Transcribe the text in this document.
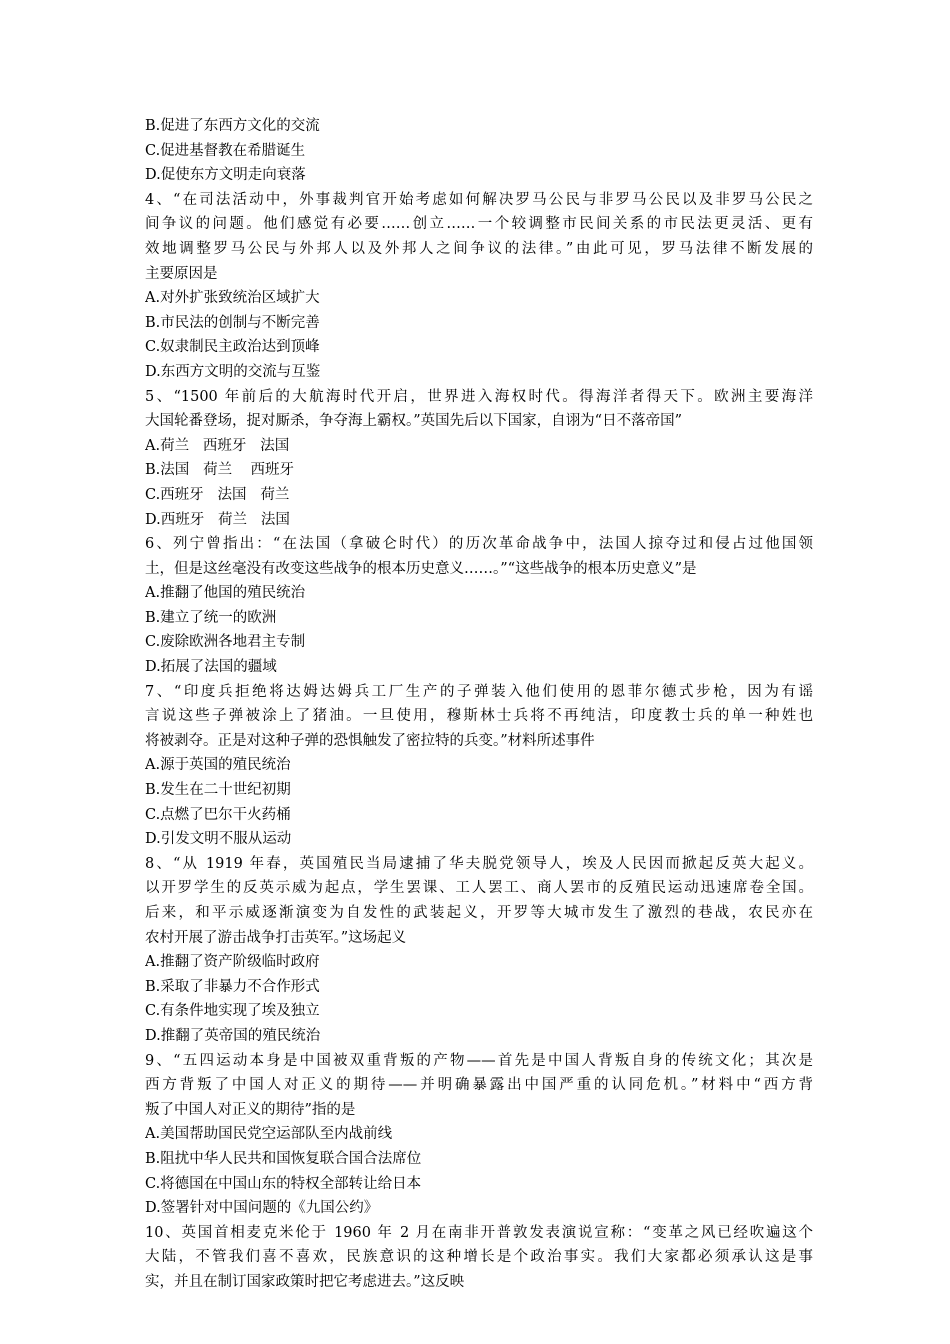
B.促进了东西方文化的交流
C.促进基督教在希腊诞生
D.促使东方文明走向衰落
4、“在司法活动中，外事裁判官开始考虑如何解决罗马公民与非罗马公民以及非罗马公民之
间争议的问题。他们感觉有必要……创立……一个较调整市民间关系的市民法更灵活、更有
效地调整罗马公民与外邦人以及外邦人之间争议的法律。”由此可见，罗马法律不断发展的
主要原因是
A.对外扩张致统治区域扩大
B.市民法的创制与不断完善
C.奴隶制民主政治达到顶峰
D.东西方文明的交流与互鉴
5、“1500 年前后的大航海时代开启，世界进入海权时代。得海洋者得天下。欧洲主要海洋
大国轮番登场，捉对厮杀，争夺海上霸权。”英国先后以下国家，自诩为“日不落帝国”
A.荷兰   西班牙   法国
B.法国   荷兰    西班牙
C.西班牙   法国   荷兰
D.西班牙   荷兰   法国
6、列宁曾指出：“在法国（拿破仑时代）的历次革命战争中，法国人掠夺过和侵占过他国领
土，但是这丝毫没有改变这些战争的根本历史意义……。”“这些战争的根本历史意义”是
A.推翻了他国的殖民统治
B.建立了统一的欧洲
C.废除欧洲各地君主专制
D.拓展了法国的疆域
7、“印度兵拒绝将达姆达姆兵工厂生产的子弹装入他们使用的恩菲尔德式步枪，因为有谣
言说这些子弹被涂上了猪油。一旦使用，穆斯林士兵将不再纯洁，印度教士兵的单一种姓也
将被剥夺。正是对这种子弹的恐惧触发了密拉特的兵变。”材料所述事件
A.源于英国的殖民统治
B.发生在二十世纪初期
C.点燃了巴尔干火药桶
D.引发文明不服从运动
8、“从 1919 年春，英国殖民当局逮捕了华夫脱党领导人，埃及人民因而掀起反英大起义。
以开罗学生的反英示威为起点，学生罢课、工人罢工、商人罢市的反殖民运动迅速席卷全国。
后来，和平示威逐渐演变为自发性的武装起义，开罗等大城市发生了激烈的巷战，农民亦在
农村开展了游击战争打击英军。”这场起义
A.推翻了资产阶级临时政府
B.采取了非暴力不合作形式
C.有条件地实现了埃及独立
D.推翻了英帝国的殖民统治
9、“五四运动本身是中国被双重背叛的产物——首先是中国人背叛自身的传统文化；其次是
西方背叛了中国人对正义的期待——并明确暴露出中国严重的认同危机。”材料中“西方背
叛了中国人对正义的期待”指的是
A.美国帮助国民党空运部队至内战前线
B.阻扰中华人民共和国恢复联合国合法席位
C.将德国在中国山东的特权全部转让给日本
D.签署针对中国问题的《九国公约》
10、英国首相麦克米伦于 1960 年 2 月在南非开普敦发表演说宣称：“变革之风已经吹遍这个
大陆，不管我们喜不喜欢，民族意识的这种增长是个政治事实。我们大家都必须承认这是事
实，并且在制订国家政策时把它考虑进去。”这反映
